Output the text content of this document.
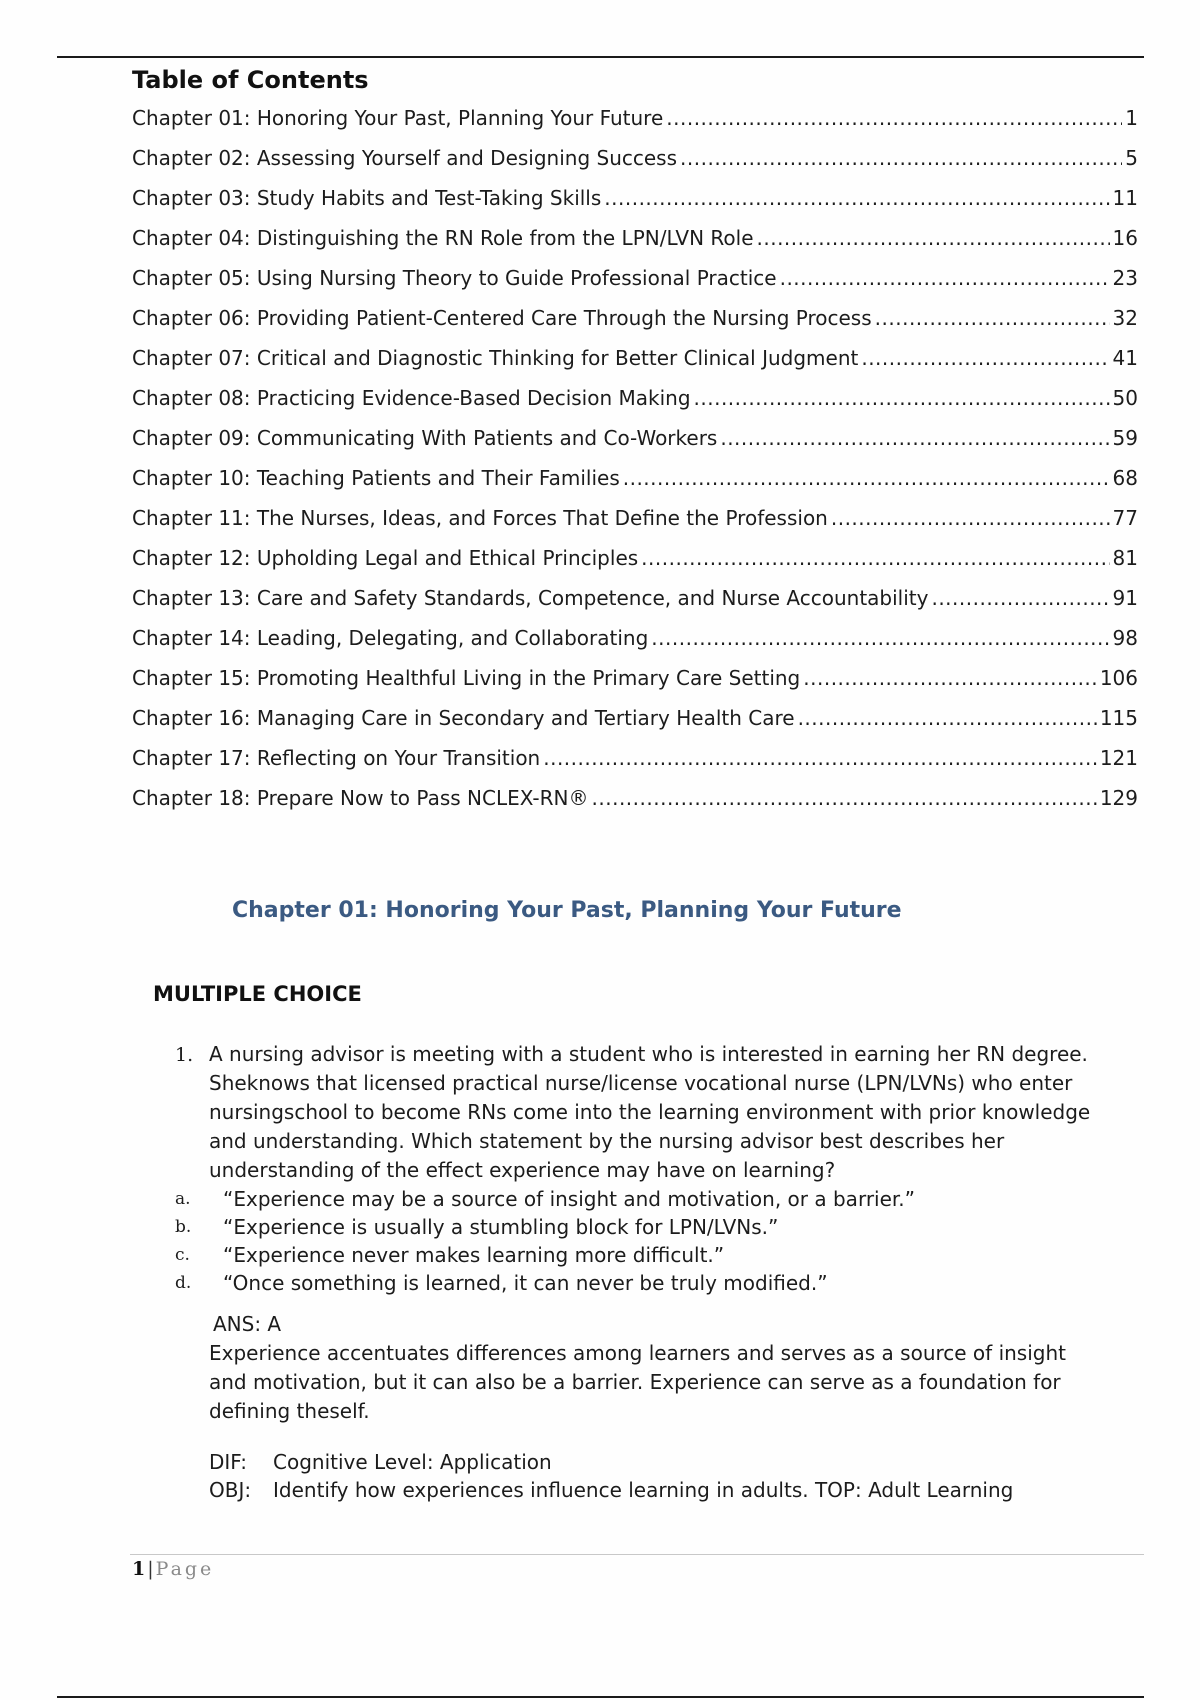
Table of Contents
Chapter 01: Honoring Your Past, Planning Your Future .....	1
Chapter 02: Assessing Yourself and Designing Success .....	5
Chapter 03: Study Habits and Test-Taking Skills .....	11
Chapter 04: Distinguishing the RN Role from the LPN/LVN Role .....	16
Chapter 05: Using Nursing Theory to Guide Professional Practice .....	23
Chapter 06: Providing Patient-Centered Care Through the Nursing Process .....	32
Chapter 07: Critical and Diagnostic Thinking for Better Clinical Judgment .....	41
Chapter 08: Practicing Evidence-Based Decision Making .....	50
Chapter 09: Communicating With Patients and Co-Workers .....	59
Chapter 10: Teaching Patients and Their Families .....	68
Chapter 11: The Nurses, Ideas, and Forces That Define the Profession .....	77
Chapter 12: Upholding Legal and Ethical Principles .....	81
Chapter 13: Care and Safety Standards, Competence, and Nurse Accountability .....	91
Chapter 14: Leading, Delegating, and Collaborating .....	98
Chapter 15: Promoting Healthful Living in the Primary Care Setting .....	106
Chapter 16: Managing Care in Secondary and Tertiary Health Care .....	115
Chapter 17: Reflecting on Your Transition .....	121
Chapter 18: Prepare Now to Pass NCLEX-RN® .....	129
Chapter 01: Honoring Your Past, Planning Your Future
MULTIPLE CHOICE
1. A nursing advisor is meeting with a student who is interested in earning her RN degree. Sheknows that licensed practical nurse/license vocational nurse (LPN/LVNs) who enter nursingschool to become RNs come into the learning environment with prior knowledge and understanding. Which statement by the nursing advisor best describes her understanding of the effect experience may have on learning?
a. “Experience may be a source of insight and motivation, or a barrier.”
b. “Experience is usually a stumbling block for LPN/LVNs.”
c. “Experience never makes learning more difficult.”
d. “Once something is learned, it can never be truly modified.”
ANS: A
Experience accentuates differences among learners and serves as a source of insight and motivation, but it can also be a barrier. Experience can serve as a foundation for defining theself.
DIF: Cognitive Level: Application
OBJ: Identify how experiences influence learning in adults. TOP: Adult Learning
1 | Page
